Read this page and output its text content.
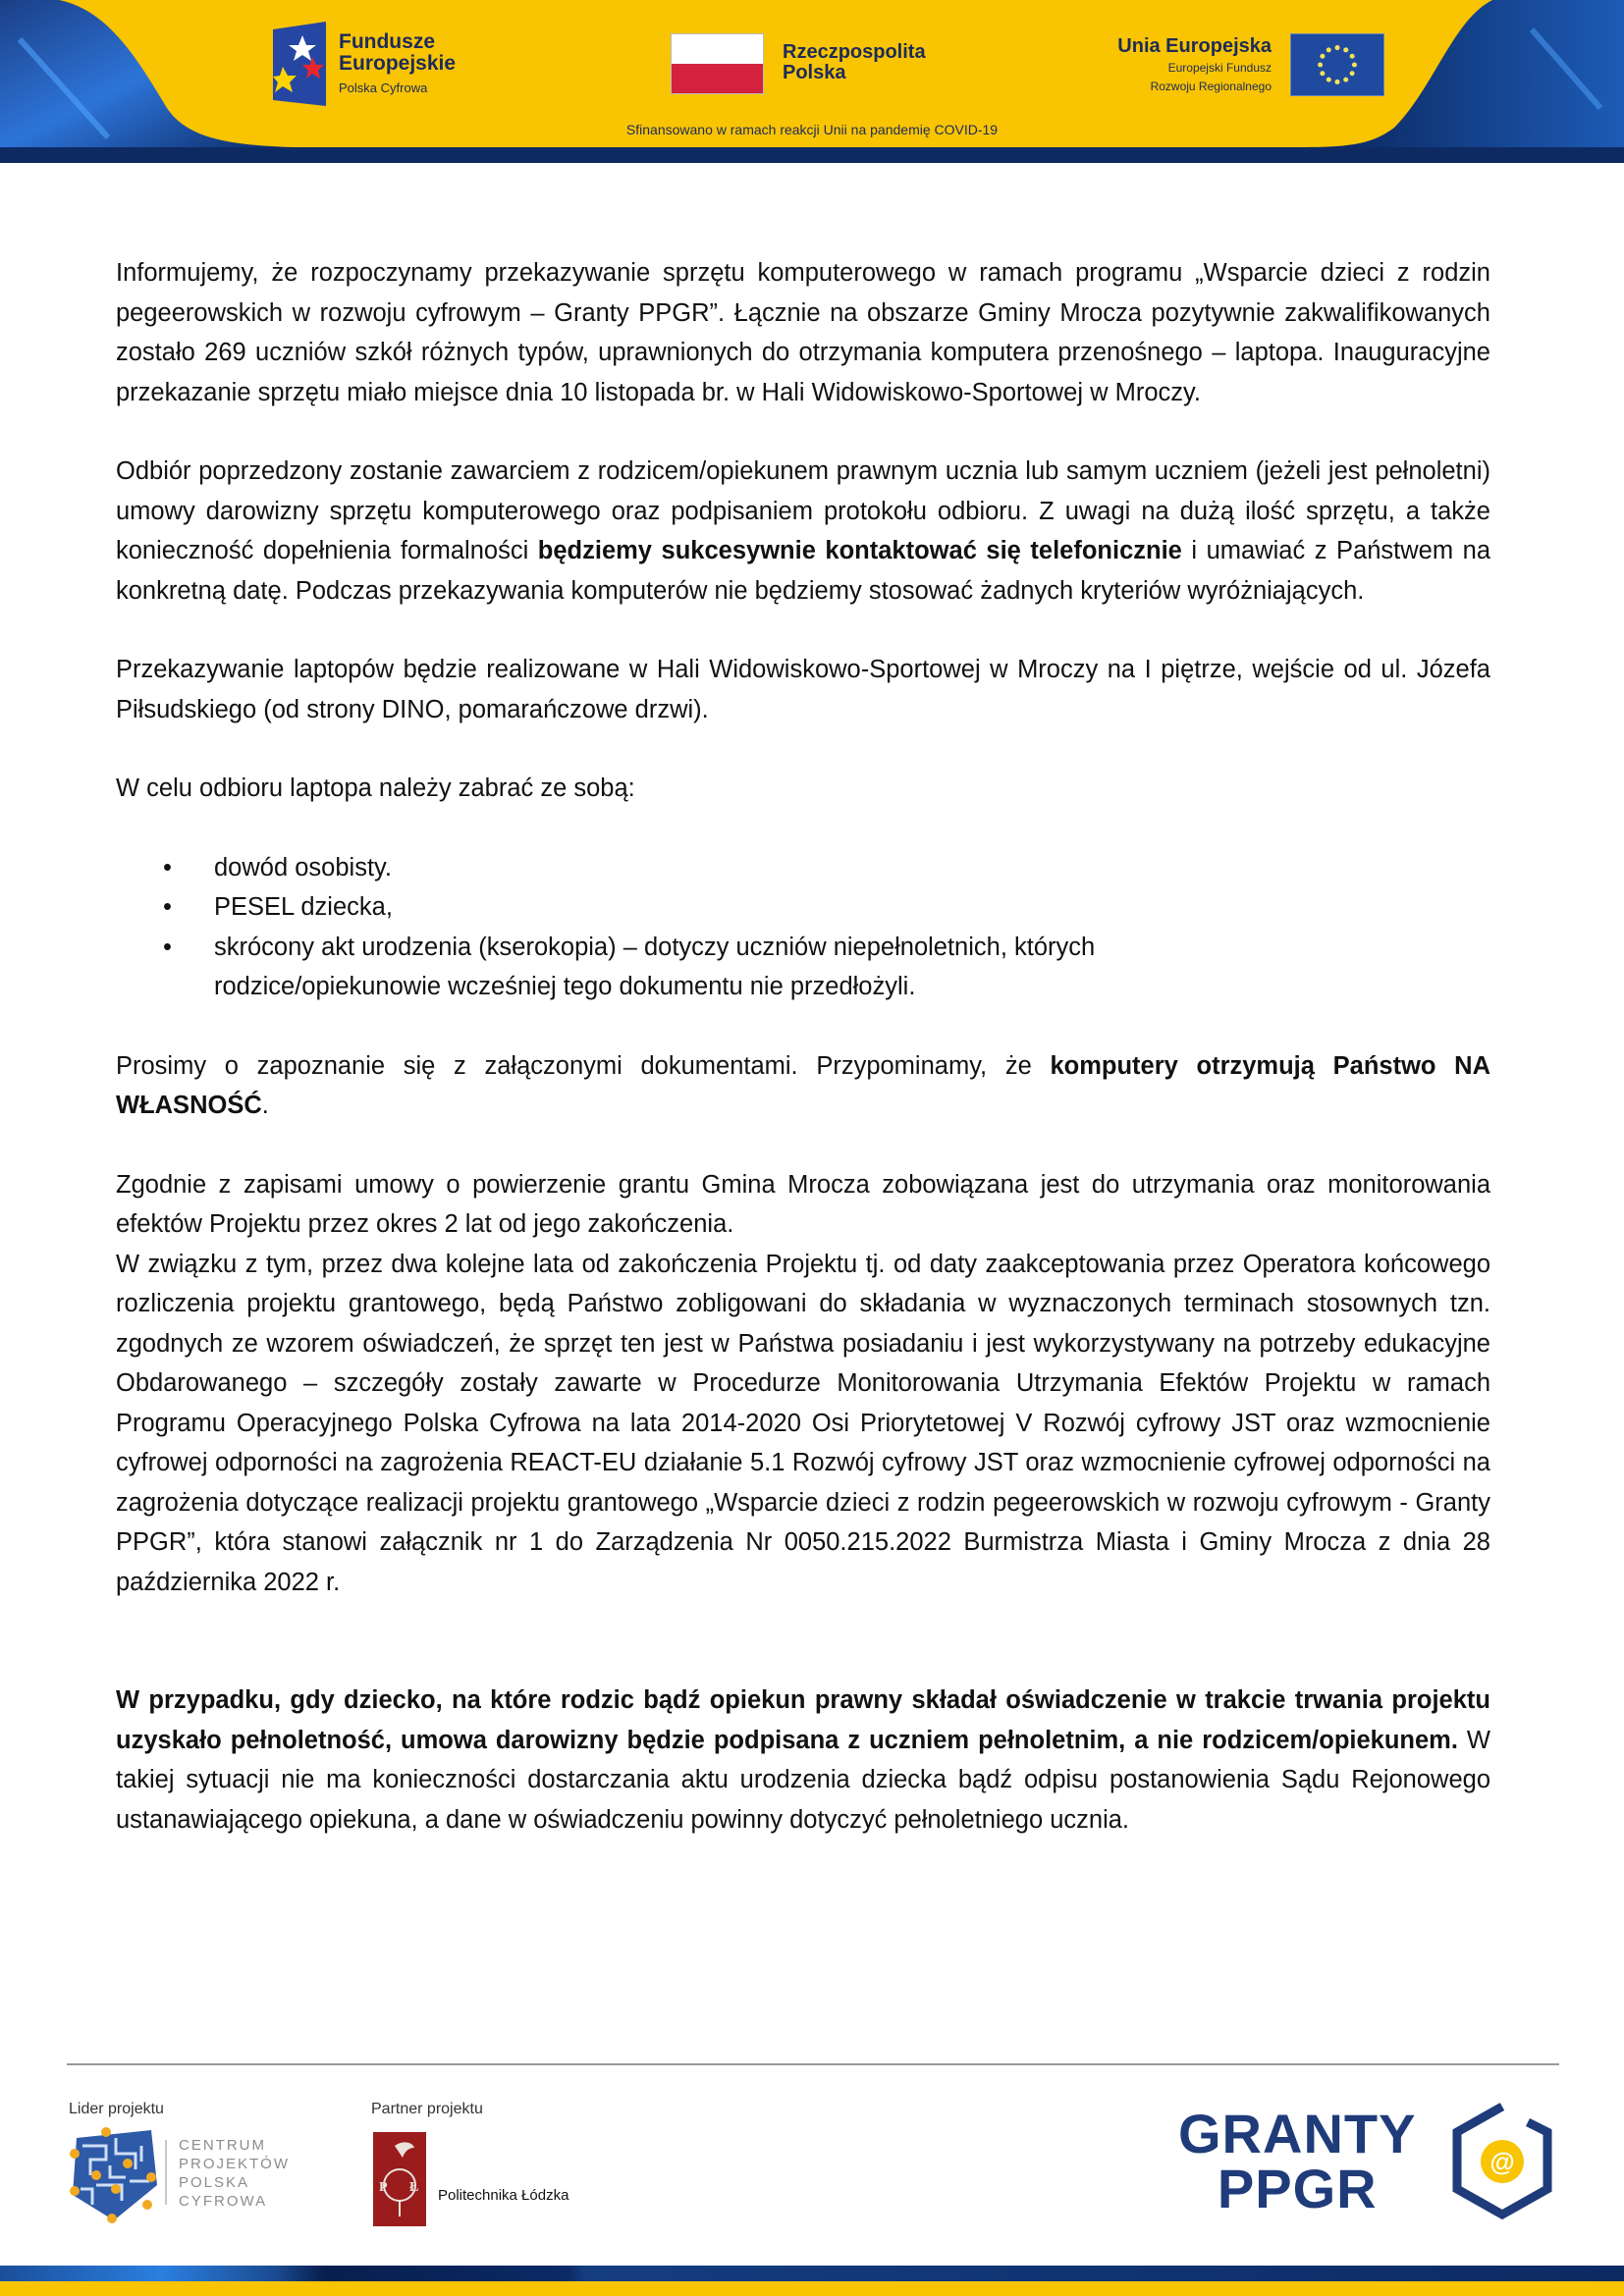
Fundusze
Europejskie
Polska Cyfrowa
Rzeczpospolita
Polska
Unia Europejska
Europejski Fundusz
Rozwoju Regionalnego
Sfinansowano w ramach reakcji Unii na pandemię COVID-19

Informujemy, że rozpoczynamy przekazywanie sprzętu komputerowego w ramach programu „Wsparcie dzieci z rodzin pegeerowskich w rozwoju cyfrowym – Granty PPGR”. Łącznie na obszarze Gminy Mrocza pozytywnie zakwalifikowanych zostało 269 uczniów szkół różnych typów, uprawnionych do otrzymania komputera przenośnego – laptopa. Inauguracyjne przekazanie sprzętu miało miejsce dnia 10 listopada br. w Hali Widowiskowo-Sportowej w Mroczy.

Odbiór poprzedzony zostanie zawarciem z rodzicem/opiekunem prawnym ucznia lub samym uczniem (jeżeli jest pełnoletni) umowy darowizny sprzętu komputerowego oraz podpisaniem protokołu odbioru. Z uwagi na dużą ilość sprzętu, a także konieczność dopełnienia formalności będziemy sukcesywnie kontaktować się telefonicznie i umawiać z Państwem na konkretną datę. Podczas przekazywania komputerów nie będziemy stosować żadnych kryteriów wyróżniających.

Przekazywanie laptopów będzie realizowane w Hali Widowiskowo-Sportowej w Mroczy na I piętrze, wejście od ul. Józefa Piłsudskiego (od strony DINO, pomarańczowe drzwi).

W celu odbioru laptopa należy zabrać ze sobą:

• dowód osobisty.
• PESEL dziecka,
• skrócony akt urodzenia (kserokopia) – dotyczy uczniów niepełnoletnich, których rodzice/opiekunowie wcześniej tego dokumentu nie przedłożyli.

Prosimy o zapoznanie się z załączonymi dokumentami. Przypominamy, że komputery otrzymują Państwo NA WŁASNOŚĆ.

Zgodnie z zapisami umowy o powierzenie grantu Gmina Mrocza zobowiązana jest do utrzymania oraz monitorowania efektów Projektu przez okres 2 lat od jego zakończenia.

W związku z tym, przez dwa kolejne lata od zakończenia Projektu tj. od daty zaakceptowania przez Operatora końcowego rozliczenia projektu grantowego, będą Państwo zobligowani do składania w wyznaczonych terminach stosownych tzn. zgodnych ze wzorem oświadczeń, że sprzęt ten jest w Państwa posiadaniu i jest wykorzystywany na potrzeby edukacyjne Obdarowanego – szczegóły zostały zawarte w Procedurze Monitorowania Utrzymania Efektów Projektu w ramach Programu Operacyjnego Polska Cyfrowa na lata 2014-2020 Osi Priorytetowej V Rozwój cyfrowy JST oraz wzmocnienie cyfrowej odporności na zagrożenia REACT-EU działanie 5.1 Rozwój cyfrowy JST oraz wzmocnienie cyfrowej odporności na zagrożenia dotyczące realizacji projektu grantowego „Wsparcie dzieci z rodzin pegeerowskich w rozwoju cyfrowym - Granty PPGR”, która stanowi załącznik nr 1 do Zarządzenia Nr 0050.215.2022 Burmistrza Miasta i Gminy Mrocza z dnia 28 października 2022 r.

W przypadku, gdy dziecko, na które rodzic bądź opiekun prawny składał oświadczenie w trakcie trwania projektu uzyskało pełnoletność, umowa darowizny będzie podpisana z uczniem pełnoletnim, a nie rodzicem/opiekunem. W takiej sytuacji nie ma konieczności dostarczania aktu urodzenia dziecka bądź odpisu postanowienia Sądu Rejonowego ustanawiającego opiekuna, a dane w oświadczeniu powinny dotyczyć pełnoletniego ucznia.

Lider projektu
CENTRUM
PROJEKTÓW
POLSKA
CYFROWA
Partner projektu
P Ł Politechnika Łódzka
GRANTY
PPGR	@
